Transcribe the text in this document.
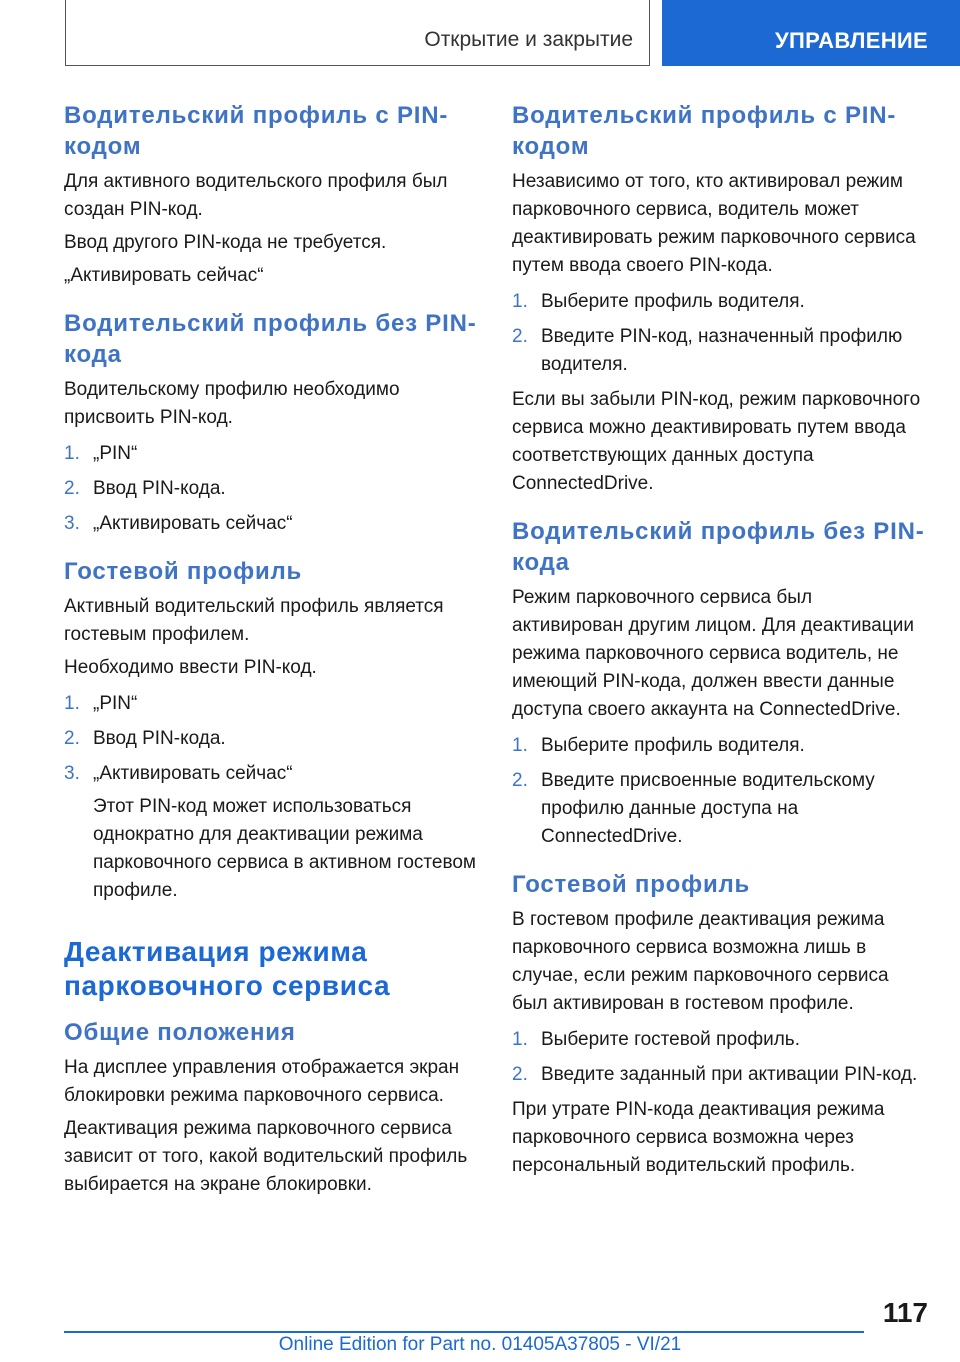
Открытие и закрытие	УПРАВЛЕНИЕ
Водительский профиль с PIN-кодом

Для активного водительского профиля был создан PIN-код.

Ввод другого PIN-кода не требуется.

„Активировать сейчас“

Водительский профиль без PIN-кода

Водительскому профилю необходимо присвоить PIN-код.

1. „PIN“
2. Ввод PIN-кода.
3. „Активировать сейчас“
Гостевой профиль

Активный водительский профиль является гостевым профилем.

Необходимо ввести PIN-код.

1. „PIN“
2. Ввод PIN-кода.
3. „Активировать сейчас“

Этот PIN-код может использоваться однократно для деактивации режима парковочного сервиса в активном гостевом профиле.

Деактивация режима парковочного сервиса
Общие положения

На дисплее управления отображается экран блокировки режима парковочного сервиса.

Деактивация режима парковочного сервиса зависит от того, какой водительский профиль выбирается на экране блокировки.

Водительский профиль с PIN-кодом

Независимо от того, кто активировал режим парковочного сервиса, водитель может деактивировать режим парковочного сервиса путем ввода своего PIN-кода.

1. Выберите профиль водителя.
2. Введите PIN-код, назначенный профилю водителя.

Если вы забыли PIN-код, режим парковочного сервиса можно деактивировать путем ввода соответствующих данных доступа ConnectedDrive.

Водительский профиль без PIN-кода

Режим парковочного сервиса был активирован другим лицом. Для деактивации режима парковочного сервиса водитель, не имеющий PIN-кода, должен ввести данные доступа своего аккаунта на ConnectedDrive.

1. Выберите профиль водителя.
2. Введите присвоенные водительскому профилю данные доступа на ConnectedDrive.
Гостевой профиль

В гостевом профиле деактивация режима парковочного сервиса возможна лишь в случае, если режим парковочного сервиса был активирован в гостевом профиле.

1. Выберите гостевой профиль.
2. Введите заданный при активации PIN-код.

При утрате PIN-кода деактивация режима парковочного сервиса возможна через персональный водительский профиль.

117
Online Edition for Part no. 01405A37805 - VI/21
